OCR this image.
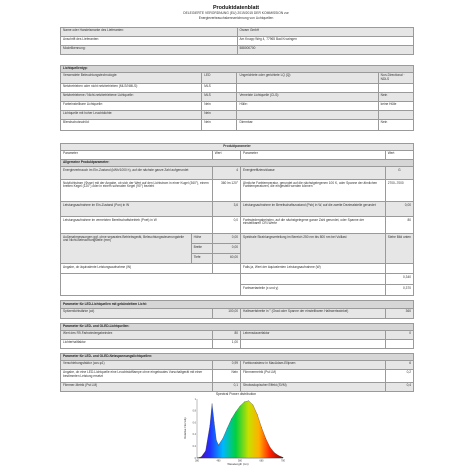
Produktdatenblatt
DELEGIERTE VERORDNUNG (EU) 2019/2015 DER KOMMISSION zur
Energieverbrauchskennzeichnung von Lichtquellen
Name oder Handelsmarke des Lieferanten:	Osram GmbH
Anschrift des Lieferanten:	Am Knapp Weg 4, 77965 Bad Krozingen
Modellkennung:	588000700
Lichtquellentyp:			
Verwendete Beleuchtungstechnologie:	LED	Ungerichtete oder gerichtete LQ (Q):	Non-Directional · NDLS
Netzbetrieben oder nicht netzbetrieben (MLS/NMLS):	MLS		
Netzbetriebene / Nicht-netzbetriebene Lichtquelle:	MLS	Vernetzte Lichtquelle (CLS):	Nein
Farbeinstellbare Lichtquelle:	Nein	Hülle:	keine Hülle
Lichtquelle mit hoher Leuchtdichte:	Nein		
Blendschutzschild:	Nein	Dimmbar:	Nein
Produktparameter				
Parameter		Wert	Parameter	Wert
Allgemeine Produktparameter:				
Energieverbrauch im Ein-Zustand (kWh/1000 h), auf die nächste ganze Zahl aufgerundet		4	Energieeffizienzklasse	G
Nutzlichtstrom (Φuse) mit der Angabe, ob sich der Wert auf den Lichtstrom in einer Kugel (360°), einem breiten Kegel (120°) oder in einem schmalen Kegel (90°) bezieht		360 lm 120°	Ähnliche Farbtemperatur, gerundet auf die nächstgelegenen 100 K, oder Spanne der ähnlichen Farbtemperaturen, die eingestellt werden können	2700–7000
Leistungsaufnahme im Ein-Zustand (Pon) in W		3,6	Leistungsaufnahme im Bereitschaftszustand (Psb) in W, auf die zweite Dezimalstelle gerundet	0,00
Leistungsaufnahme im vernetzten Bereitschaftsbetrieb (Pnet) in W		0,0	Farbwiedergabeindex, auf die nächstgelegene ganze Zahl gerundet, oder Spanne der einstellbaren CRI-Werte	80
Außenabmessungen ggf. ohne separates Betriebsgerät, Beleuchtungssteuerungsteile und Nicht-Beleuchtungsteile (mm)	Höhe	0,00	Spektrale Strahlungsverteilung im Bereich 250 nm bis 800 nm bei Volllast	Siehe Bild unten
	Breite	0,00		
	Tiefe	60,00		
Angabe, ob äquivalente Leistungsaufnahme (W)			Falls ja, Wert der äquivalenten Leistungsaufnahme (W)	
				0,340
			Farbwertanteile (x und y)	0,370

Parameter für LED-Lichtquellen mit gebündeltem Licht:				
Spitzenlichtstärke (cd)		100,00	Halbwertsbreite in ° (Grad oder Spanne der einstellbaren Halbwertswinkel)	360

Parameter für LED- und OLED-Lichtquellen:				
Wert des R9-Farbwiedergabeindex		80	Lebensdauerfaktor	0
Lichterhaltfaktor		1,00		

Parameter für LED- und OLED-Netzspannungslichtquellen:				
Verschiebungsfaktor (cos φ1)		0,99	Farbkonsistenz in MacAdam-Ellipsen	6
Angabe, ob eine LED-Lichtquelle eine Leuchtstofflampe ohne eingebautes Vorschaltgerät mit einer bestimmten Leistung ersetzt		Nein	Flimmermetrik (Pst LM)	0,2
Flimmer-Metrik (Pst LM)		0,1	Stroboskopischer Effekt (SVM)	0,4
Spectral Power distribution
Relative Intensity
Wavelength (nm)
380	480	580	680	780
0
0.2
0.4
0.6
0.8
1
